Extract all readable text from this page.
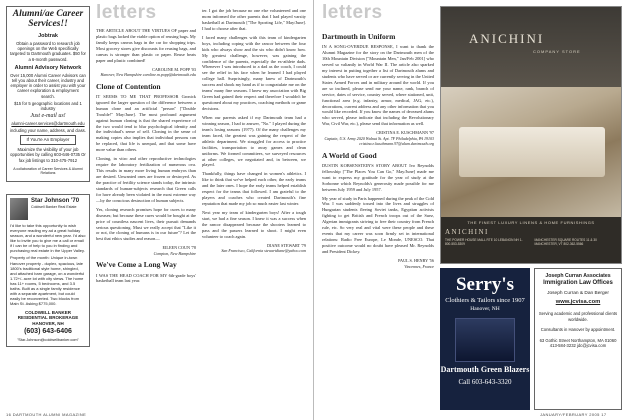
Alumni/ae Career Services!!
Jobtrak
Obtain a password to research job openings on the Web specifically targeted to Dartmouth graduates. $50 for a 6-month password.
Alumni Advisory Network
Over 15,000 Alumni Career Advisors can tell you about their career, industry and employer in order to assist you with your career exploration & employment search.
$15 for 5 geographic locations and 1 industry
Just e-mail us!
alumni-career.services@dartmouth.edu
including your name, address, and class.
If You're An Employer
Maximize the visibility of your job opportunities by calling 603-646-0735 Or fax job listings to 310-475-7912
A collaboration of Career Services & Alumni Relations
Star Johnson '70
Coldwell Banker Real Estate
I'd like to take this opportunity to wish everyone reading my ad a great holiday season, and a wonderful new year. I'd also like to invite you to give me a call or email if I can be of help to you in finding and purchasing real estate in the Upper Valley.
Property of the month: Unique in-town Hanover property - duplex, spacious, late 1800's traditional style home, shingled, and attached barn garage, on a wonderful 1.72+/- acre lot with city views. The home has 11+ rooms, 5 bedrooms, and 3.5 baths. Built as a single family residence with a separate apartment, but could easily be reconverted. Two blocks from Main St. Asking $775,000.
COLDWELL BANKER RESIDENTIAL BROKERAGE HANOVER, NH
(603) 643-6406
"Star.Johnson@coldwellbanker.com"
letters

THE ARTICLE ABOUT THE VIRTUES OF paper and plastic bags lacked the viable option of reusing bags. My family keeps canvas bags in the car for shopping trips. Most grocery stores give discounts for reusing bags, and canvas is stronger than plastic or paper. Reuse beats paper and plastic combined!

CAROLINE M. POPP '03
Hanover, New Hampshire caroline.m.popp@dartmouth.edu
Clone of Contention

IT SEEMS TO ME THAT PROFESSOR Gronick ignored the larger question of the difference between a human clone and an artificial "person" ["Double Trouble!" May/June]. The most profound argument against human cloning is that the shared experience of the two would tend to blur psychological identity and the individual's sense of self. Cloning in the sense of making copies also implies that individual persons can be replaced, that life is unequal, and that some have more value than others.

Cloning, in vitro and other reproductive technologies require the laboratory fertilization of numerous ova. This results in many more living human embryos than are desired. Unwanted ones are frozen or destroyed. As the practice of fertility science stands today, the intrinsic standards of human-subjects research that Green calls for have already been violated in the most extreme way—by the conscious destruction of human subjects.

Yes, cloning research promises hope for cures to many diseases; but because these cures would be bought at the price of countless nascent lives, their pursuit demands serious questioning. Must we really accept that "Like it or not, the cloning of humans is in our future"? Let the best that ethics studies and reason—

EILEEN COUN '78
Compton, New Hampshire
We've Come a Long Way

I WAS THE HEAD COACH FOR MY 6th-grade boys' basketball team last year.

ter. I got the job because no one else volunteered and one mom informed the other parents that I had played varsity basketball at Dartmouth ["The Sporting Life," May/June]. I had to choose after that.

I faced many challenges with this team of kindergarten boys, including coping with the rancor between the four kids who always show and the six who didn't know how. My greatest challenge, however, was gaining the confidence of the parents, especially the ex-athlete dads. Whenever I was introduced to a dad as the coach, I could see the relief in his face when he learned I had played college ball. Surprisingly, many knew of Dartmouth's success and shook my hand as if to congratulate me on the teams' many fine seasons. I knew my association with Big Green had gained their respect and therefore I wouldn't be questioned about my practices, coaching methods or game decisions.

When our parents asked if my Dartmouth team had a winning season, I had to answer, "No." I played during the team's losing seasons (1977). Of the many challenges my team faced, the greatest was gaining the respect of the athletic department. We struggled for access to practice facilities, transportation to away games and clean uniforms. We formed committees, we surveyed resources at other colleges, we negotiated and, in between, we played.

Thankfully, things have changed in women's athletics. I like to think that we've helped each other, the early teams and the later ones. I hope the early teams helped establish respect for the teams that followed. I am grateful to the players and coaches who created Dartmouth's fine reputation that made my job so much easier last winter.

Next year my team of kindergarten boys! After a tough start, we had a fine season. I knew it was a success when the rancor disappeared because the shooters learned to pass and the passers learned to shoot. I might even volunteer to coach again.

DIANE STEWART '79
San Francisco, California stewartdiane@yahoo.com
16 DARTMOUTH ALUMNI MAGAZINE
letters
Dartmouth in Uniform

IN A SONG-OVERDUE RESPONSE, I want to thank the Alumni Magazine for the story on the Dartmouth men of the 10th Mountain Division ["Mountain Men," Jan/Feb 2001] who served so valiantly in World War II. The article also sparked my interest in putting together a list of Dartmouth alums and students who have served or are currently serving in the United States Armed Forces and in military around the world. If you are so inclined, please send me your name, rank, branch of service, dates of service, country served, where stationed, unit, functional area (e.g. infantry, armor, medical, JAG, etc.), decorations, current address and any other information that you would like recorded. If you know the names of deceased alums who served, please indicate that including the Revolutionary War, Civil War, etc.), please send that information as well.

CRISTINA E. KUSCHMANN '97
Captain, U.S. Army 2020 Walnut St. Apt. 7F Philadelphia, PA 19103 cristina.e.kuschmann.97@alum.dartmouth.org
A World of Good

DUSTIN KOBSENSTEIN'S STORY ABOUT Ivo Reynolds fellowship ["The Places You Can Go," May/June] made me want to express my gratitude for the year of study at the Sorbonne which Reynolds's generosity made possible for me between July 1959 and July 1957.

My year of study in Paris happened during the peak of the Cold War. I was suddenly tossed into the lives and struggles of Hungarian students fleeing Soviet tanks, Egyptian activists fighting to get British and French troops out of the Suez, Algerian immigrants striving to free their country from French rule, etc. So very real and vital were these people and these events that my career was soon firmly set in international relations: Radio Free Europe, Le Monde, UNESCO. That positive outcome would no doubt have pleased Mr. Reynolds and President Dickey.

PAUL S. HENRY '56
Vincennes, France
ANICHINI
COMPANY STORE
THE FINEST LUXURY LINENS & HOME FURNISHINGS
ANICHINI
THE POWER HOUSE MALL RTE 10 LEBANON NH 1-800-553-5309
MANCHESTER SQUARE ROUTES 11 & 30 MANCHESTER, VT 802-362-5566
Serry's
Clothiers & Tailors since 1907
Hanover, NH
Dartmouth Green Blazers
Call 603-643-3320
Joseph Curran Associates
Immigration Law Offices
Joseph Curran & Dan Berger
www.jcvisa.com
Serving academic and professional clients worldwide.
Consultants in Hanover by appointment.
63 Gothic Street Northampton, MA 01060 413-584-3232 jdc@jcvisa.com
JANUARY/FEBRUARY 2005 17
